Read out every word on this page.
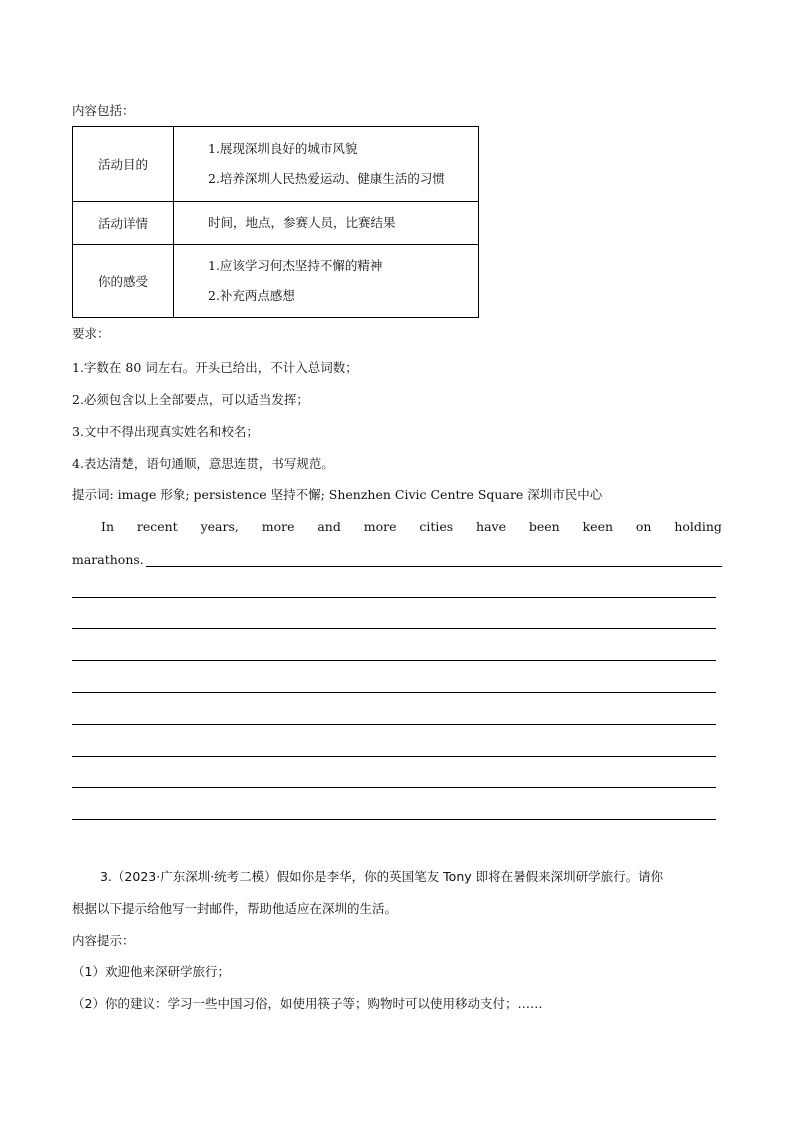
内容包括：
活动目的	1.展现深圳良好的城市风貌
2.培养深圳人民热爱运动、健康生活的习惯

活动详情	时间，地点，参赛人员，比赛结果

你的感受	1.应该学习何杰坚持不懈的精神
2.补充两点感想
要求：
1.字数在 80 词左右。开头已给出，不计入总词数；
2.必须包含以上全部要点，可以适当发挥；
3.文中不得出现真实姓名和校名；
4.表达清楚，语句通顺，意思连贯，书写规范。
提示词: image 形象; persistence 坚持不懈; Shenzhen Civic Centre Square 深圳市民中心
In recent years, more and more cities have been keen on holding
marathons.
3.（2023·广东深圳·统考二模）假如你是李华，你的英国笔友 Tony 即将在暑假来深圳研学旅行。请你
根据以下提示给他写一封邮件，帮助他适应在深圳的生活。
内容提示：
（1）欢迎他来深研学旅行；
（2）你的建议：学习一些中国习俗，如使用筷子等；购物时可以使用移动支付；……
